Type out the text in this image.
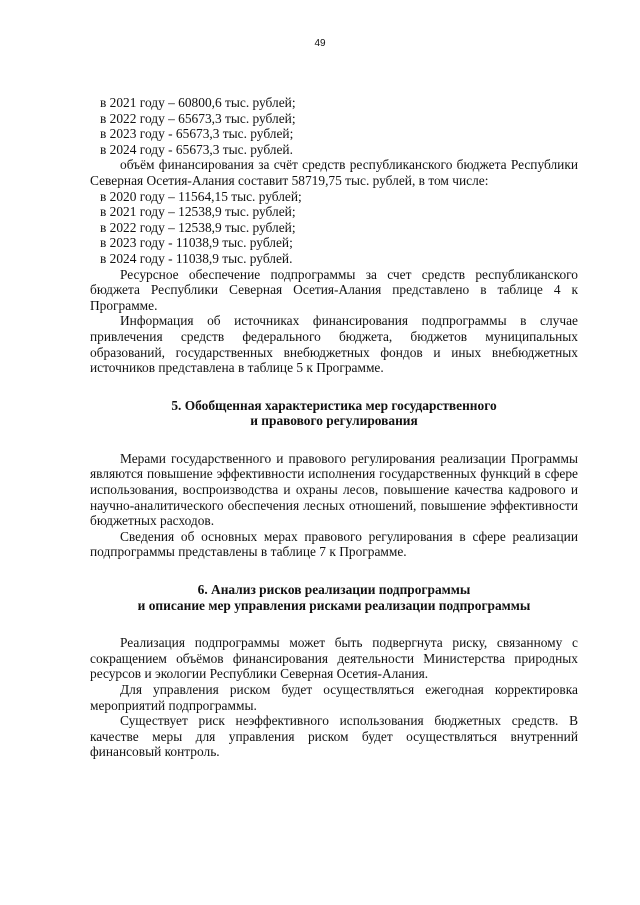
49
в 2021 году – 60800,6 тыс. рублей;
в 2022 году – 65673,3 тыс. рублей;
в 2023 году - 65673,3 тыс. рублей;
в 2024 году - 65673,3 тыс. рублей.

объём финансирования за счёт средств республиканского бюджета Республики Северная Осетия-Алания составит 58719,75 тыс. рублей, в том числе:

в 2020 году – 11564,15 тыс. рублей;
в 2021 году – 12538,9 тыс. рублей;
в 2022 году – 12538,9 тыс. рублей;
в 2023 году - 11038,9 тыс. рублей;
в 2024 году - 11038,9 тыс. рублей.

Ресурсное обеспечение подпрограммы за счет средств республиканского бюджета Республики Северная Осетия-Алания представлено в таблице 4 к Программе.

Информация об источниках финансирования подпрограммы в случае привлечения средств федерального бюджета, бюджетов муниципальных образований, государственных внебюджетных фондов и иных внебюджетных источников представлена в таблице 5 к Программе.

5. Обобщенная характеристика мер государственного

и правового регулирования

Мерами государственного и правового регулирования реализации Программы являются повышение эффективности исполнения государственных функций в сфере использования, воспроизводства и охраны лесов, повышение качества кадрового и научно-аналитического обеспечения лесных отношений, повышение эффективности бюджетных расходов.

Сведения об основных мерах правового регулирования в сфере реализации подпрограммы представлены в таблице 7 к Программе.

6. Анализ рисков реализации подпрограммы

и описание мер управления рисками реализации подпрограммы

Реализация подпрограммы может быть подвергнута риску, связанному с сокращением объёмов финансирования деятельности Министерства природных ресурсов и экологии Республики Северная Осетия-Алания.

Для управления риском будет осуществляться ежегодная корректировка мероприятий подпрограммы.

Существует риск неэффективного использования бюджетных средств. В качестве меры для управления риском будет осуществляться внутренний финансовый контроль.
